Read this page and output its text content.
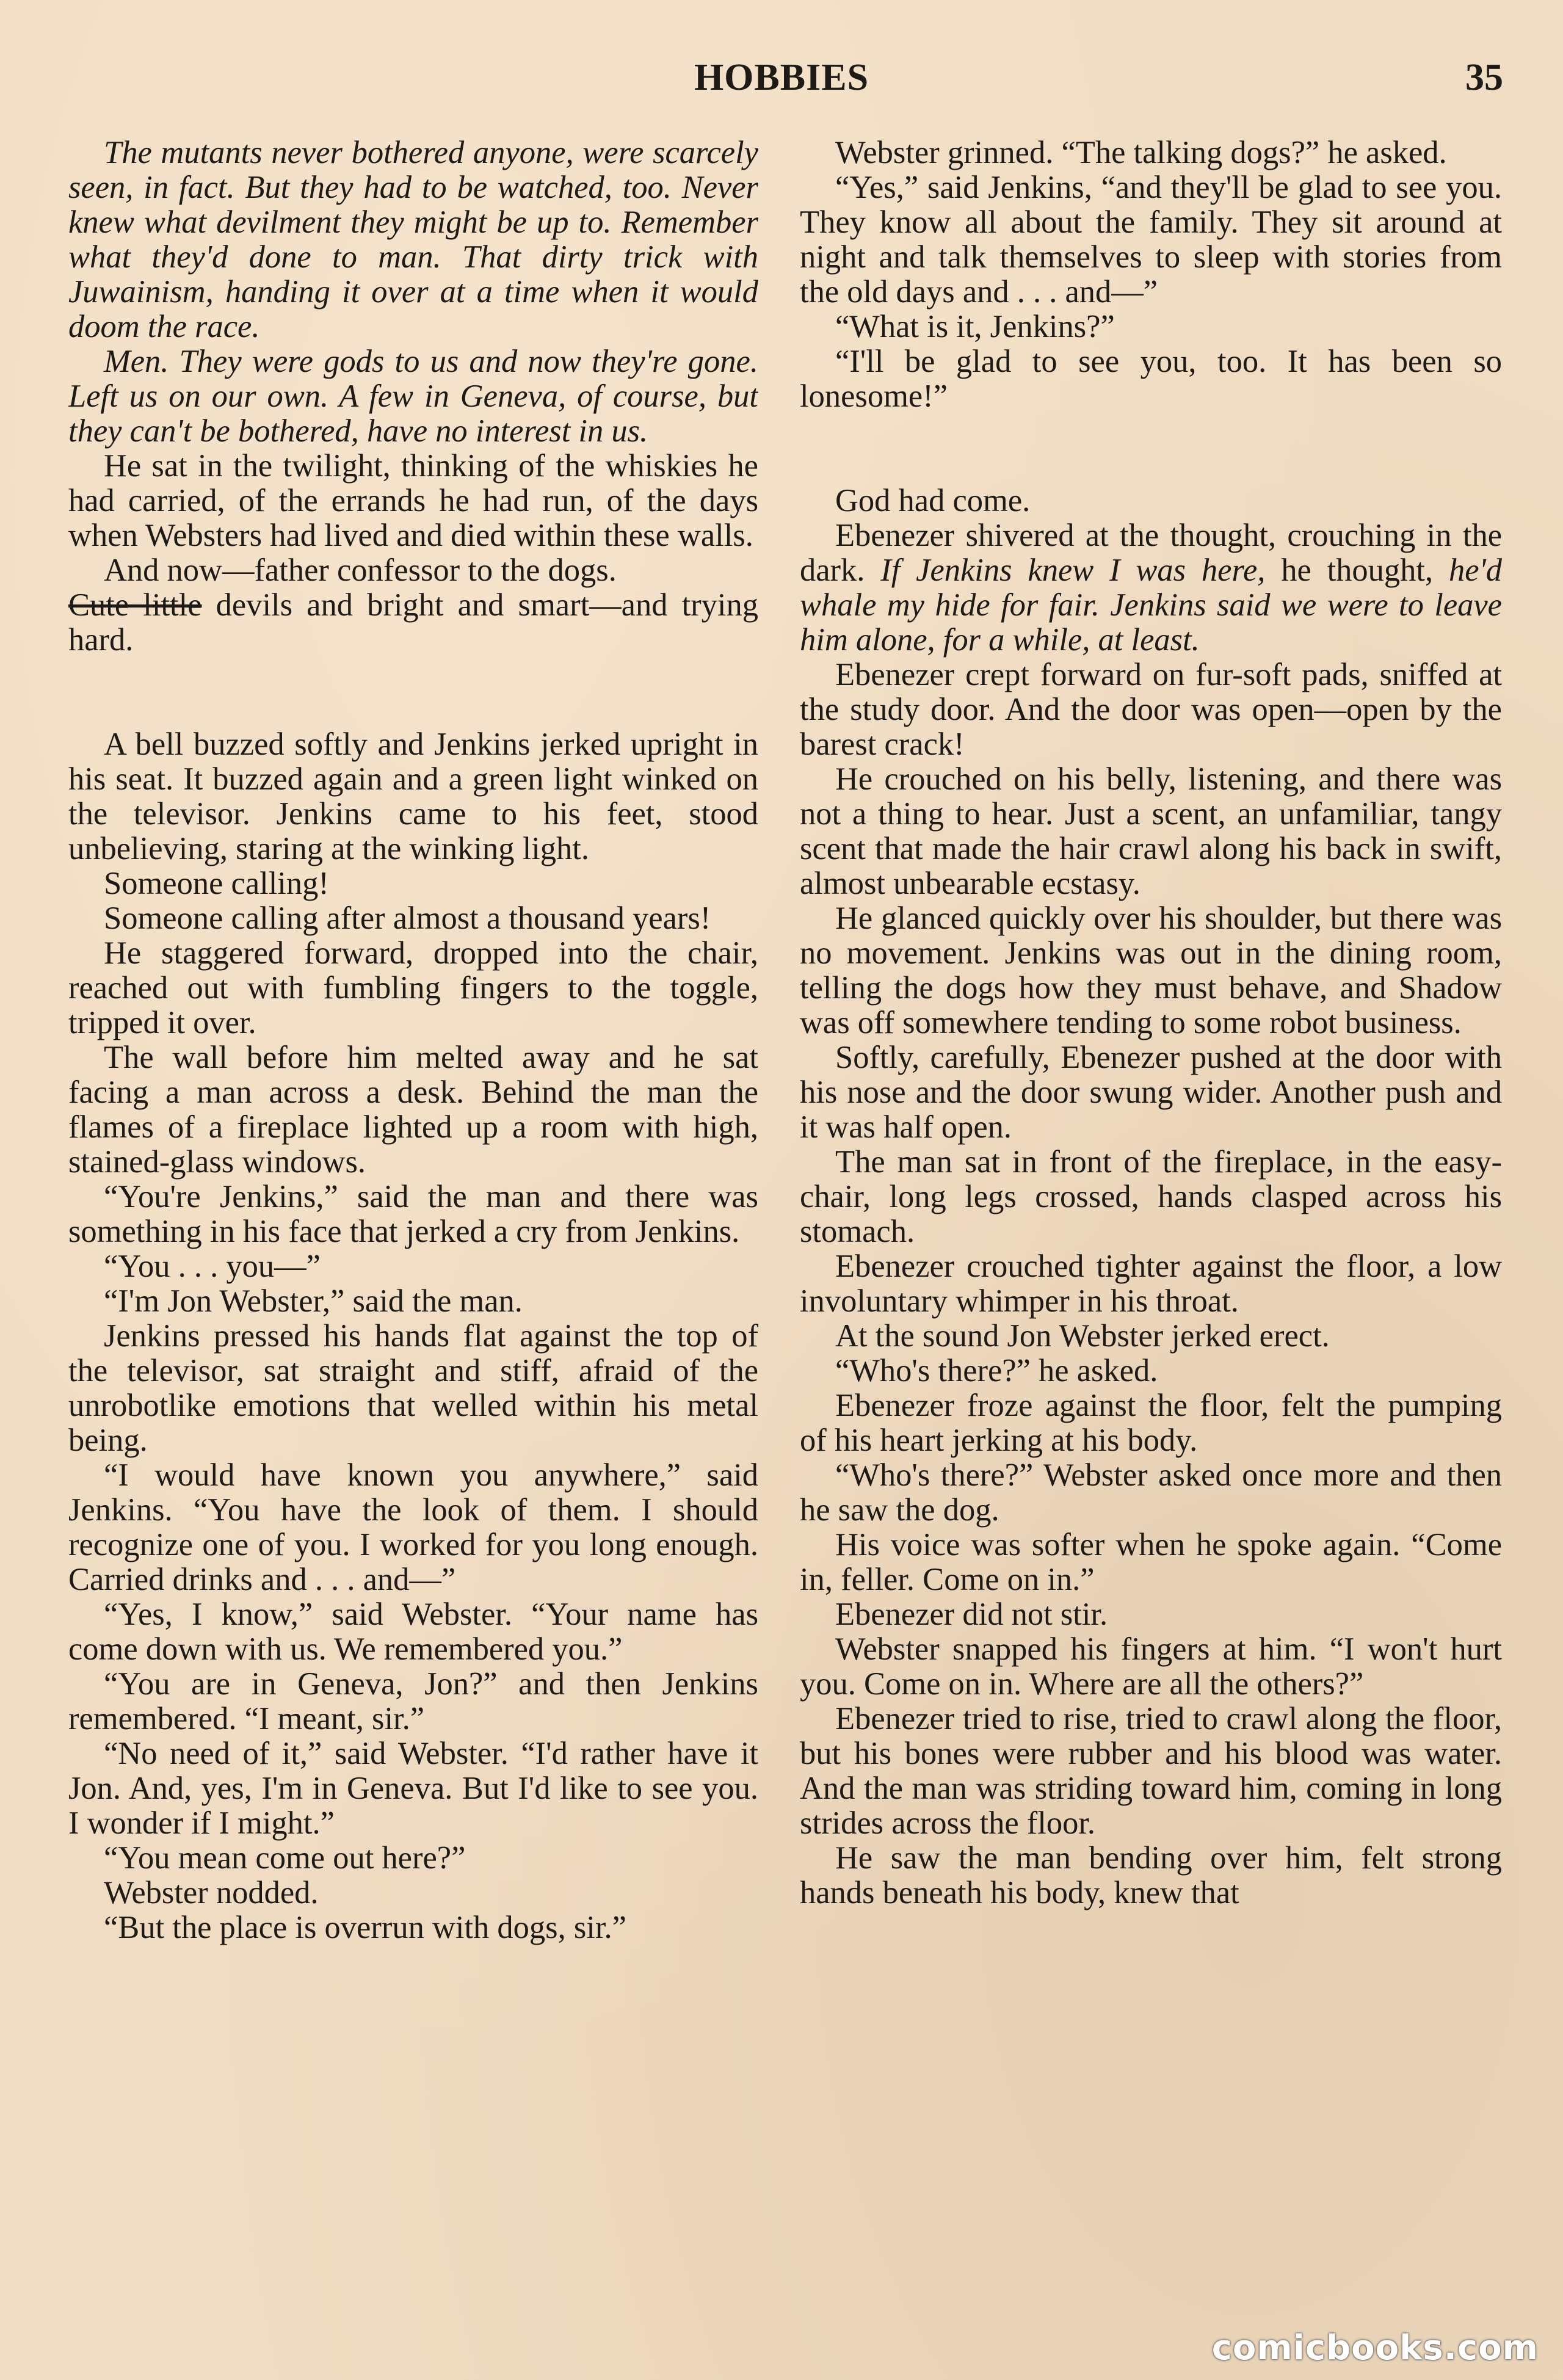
HOBBIES	35

The mutants never bothered anyone, were scarcely seen, in fact. But they had to be watched, too. Never knew what devilment they might be up to. Remember what they'd done to man. That dirty trick with Juwainism, handing it over at a time when it would doom the race.

Men. They were gods to us and now they're gone. Left us on our own. A few in Geneva, of course, but they can't be bothered, have no interest in us.

He sat in the twilight, thinking of the whiskies he had carried, of the errands he had run, of the days when Websters had lived and died within these walls.

And now—father confessor to the dogs.
Cute little devils and bright and smart—and trying hard.

A bell buzzed softly and Jenkins jerked upright in his seat. It buzzed again and a green light winked on the televisor. Jenkins came to his feet, stood unbelieving, staring at the winking light.

Someone calling!

Someone calling after almost a thousand years!

He staggered forward, dropped into the chair, reached out with fumbling fingers to the toggle, tripped it over.

The wall before him melted away and he sat facing a man across a desk. Behind the man the flames of a fireplace lighted up a room with high, stained-glass windows.

“You're Jenkins,” said the man and there was something in his face that jerked a cry from Jenkins.

“You . . . you—”

“I'm Jon Webster,” said the man.

Jenkins pressed his hands flat against the top of the televisor, sat straight and stiff, afraid of the unrobotlike emotions that welled within his metal being.

“I would have known you anywhere,” said Jenkins. “You have the look of them. I should recognize one of you. I worked for you long enough. Carried drinks and . . . and—”

“Yes, I know,” said Webster. “Your name has come down with us. We remembered you.”

“You are in Geneva, Jon?” and then Jenkins remembered. “I meant, sir.”

“No need of it,” said Webster. “I'd rather have it Jon. And, yes, I'm in Geneva. But I'd like to see you. I wonder if I might.”

“You mean come out here?”

Webster nodded.

“But the place is overrun with dogs, sir.”

Webster grinned. “The talking dogs?” he asked.

“Yes,” said Jenkins, “and they'll be glad to see you. They know all about the family. They sit around at night and talk themselves to sleep with stories from the old days and . . . and—”

“What is it, Jenkins?”

“I'll be glad to see you, too. It has been so lonesome!”

God had come.

Ebenezer shivered at the thought, crouching in the dark. If Jenkins knew I was here, he thought, he'd whale my hide for fair. Jenkins said we were to leave him alone, for a while, at least.

Ebenezer crept forward on fur-soft pads, sniffed at the study door. And the door was open—open by the barest crack!

He crouched on his belly, listening, and there was not a thing to hear. Just a scent, an unfamiliar, tangy scent that made the hair crawl along his back in swift, almost unbearable ecstasy.

He glanced quickly over his shoulder, but there was no movement. Jenkins was out in the dining room, telling the dogs how they must behave, and Shadow was off somewhere tending to some robot business.

Softly, carefully, Ebenezer pushed at the door with his nose and the door swung wider. Another push and it was half open.

The man sat in front of the fireplace, in the easy-chair, long legs crossed, hands clasped across his stomach.

Ebenezer crouched tighter against the floor, a low involuntary whimper in his throat.

At the sound Jon Webster jerked erect.

“Who's there?” he asked.

Ebenezer froze against the floor, felt the pumping of his heart jerking at his body.

“Who's there?” Webster asked once more and then he saw the dog.

His voice was softer when he spoke again. “Come in, feller. Come on in.”

Ebenezer did not stir.

Webster snapped his fingers at him. “I won't hurt you. Come on in. Where are all the others?”

Ebenezer tried to rise, tried to crawl along the floor, but his bones were rubber and his blood was water. And the man was striding toward him, coming in long strides across the floor.

He saw the man bending over him, felt strong hands beneath his body, knew that

comicbooks.com
